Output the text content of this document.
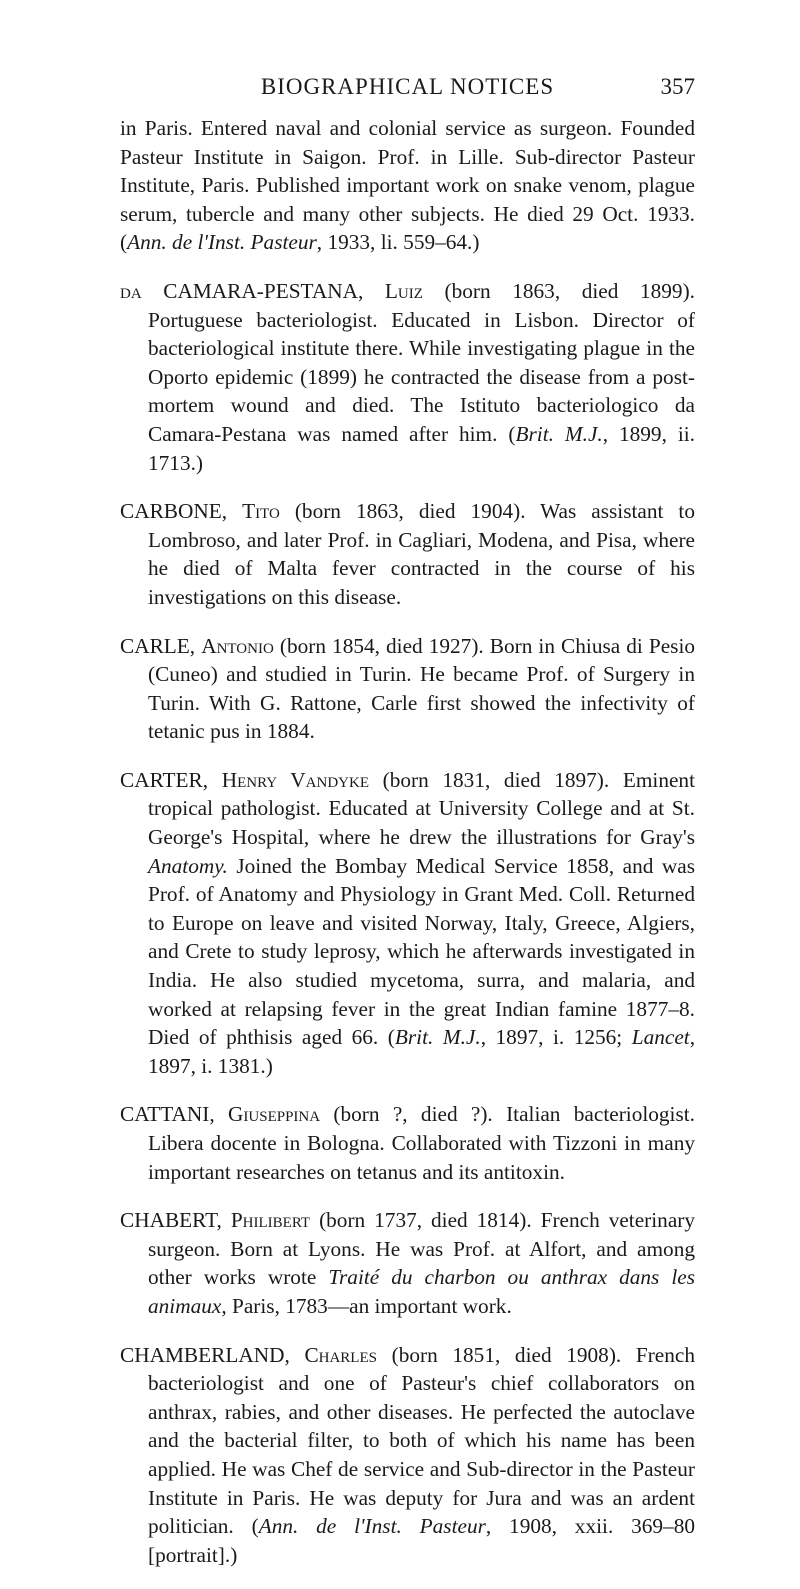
BIOGRAPHICAL NOTICES	357

in Paris. Entered naval and colonial service as surgeon. Founded Pasteur Institute in Saigon. Prof. in Lille. Sub-director Pasteur Institute, Paris. Published important work on snake venom, plague serum, tubercle and many other subjects. He died 29 Oct. 1933. (Ann. de l'Inst. Pasteur, 1933, li. 559–64.)

da CAMARA-PESTANA, Luiz (born 1863, died 1899). Portuguese bacteriologist. Educated in Lisbon. Director of bacteriological institute there. While investigating plague in the Oporto epidemic (1899) he contracted the disease from a post-mortem wound and died. The Istituto bacteriologico da Camara-Pestana was named after him. (Brit. M.J., 1899, ii. 1713.)

CARBONE, Tito (born 1863, died 1904). Was assistant to Lombroso, and later Prof. in Cagliari, Modena, and Pisa, where he died of Malta fever contracted in the course of his investigations on this disease.

CARLE, Antonio (born 1854, died 1927). Born in Chiusa di Pesio (Cuneo) and studied in Turin. He became Prof. of Surgery in Turin. With G. Rattone, Carle first showed the infectivity of tetanic pus in 1884.

CARTER, Henry Vandyke (born 1831, died 1897). Eminent tropical pathologist. Educated at University College and at St. George's Hospital, where he drew the illustrations for Gray's Anatomy. Joined the Bombay Medical Service 1858, and was Prof. of Anatomy and Physiology in Grant Med. Coll. Returned to Europe on leave and visited Norway, Italy, Greece, Algiers, and Crete to study leprosy, which he afterwards investigated in India. He also studied mycetoma, surra, and malaria, and worked at relapsing fever in the great Indian famine 1877–8. Died of phthisis aged 66. (Brit. M.J., 1897, i. 1256; Lancet, 1897, i. 1381.)

CATTANI, Giuseppina (born ?, died ?). Italian bacteriologist. Libera docente in Bologna. Collaborated with Tizzoni in many important researches on tetanus and its antitoxin.

CHABERT, Philibert (born 1737, died 1814). French veterinary surgeon. Born at Lyons. He was Prof. at Alfort, and among other works wrote Traité du charbon ou anthrax dans les animaux, Paris, 1783—an important work.

CHAMBERLAND, Charles (born 1851, died 1908). French bacteriologist and one of Pasteur's chief collaborators on anthrax, rabies, and other diseases. He perfected the autoclave and the bacterial filter, to both of which his name has been applied. He was Chef de service and Sub-director in the Pasteur Institute in Paris. He was deputy for Jura and was an ardent politician. (Ann. de l'Inst. Pasteur, 1908, xxii. 369–80 [portrait].)
